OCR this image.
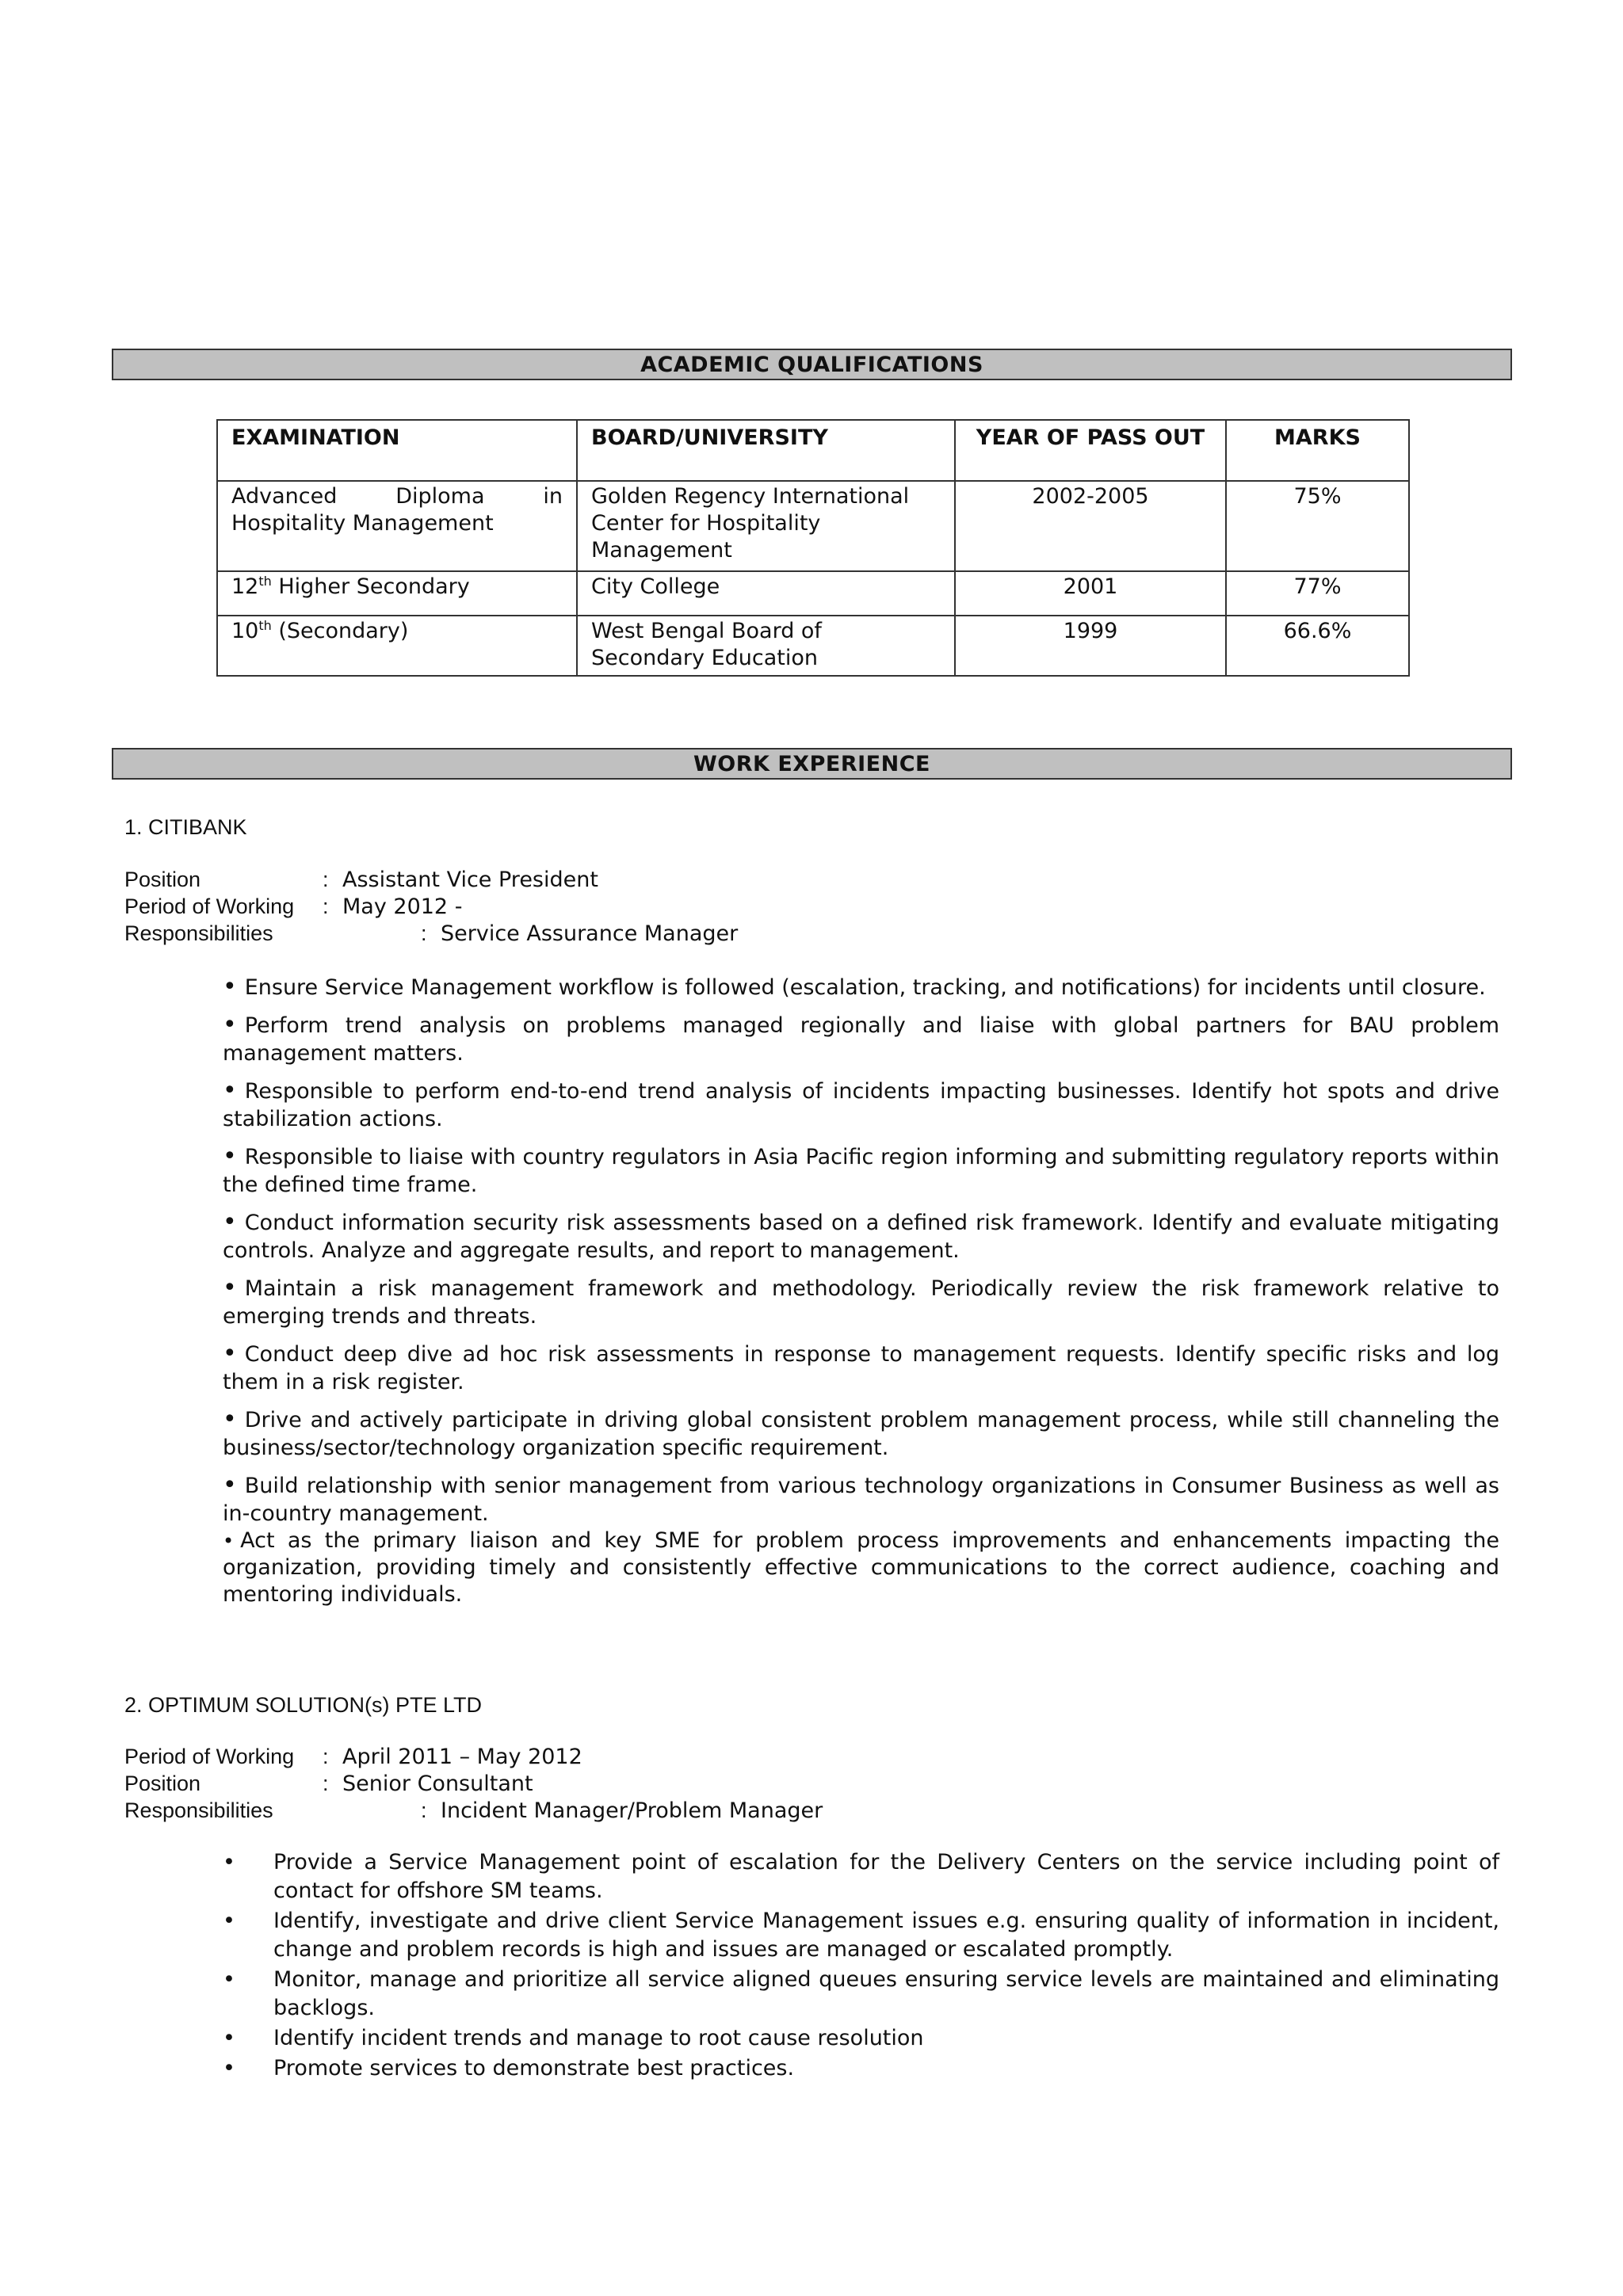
ACADEMIC QUALIFICATIONS
EXAMINATION	BOARD/UNIVERSITY	YEAR OF PASS OUT	MARKS

Advanced Diploma in
Hospitality Management	Golden Regency International Center for Hospitality Management	2002-2005	75%
12th Higher Secondary	City College	2001	77%
10th (Secondary)	West Bengal Board of Secondary Education	1999	66.6%
WORK EXPERIENCE
1. CITIBANK
Position	: Assistant Vice President
Period of Working : May 2012 -
Responsibilities	: Service Assurance Manager
• Ensure Service Management workflow is followed (escalation, tracking, and notifications) for incidents until closure.
• Perform trend analysis on problems managed regionally and liaise with global partners for BAU problem management matters.
• Responsible to perform end-to-end trend analysis of incidents impacting businesses. Identify hot spots and drive stabilization actions.
• Responsible to liaise with country regulators in Asia Pacific region informing and submitting regulatory reports within the defined time frame.
• Conduct information security risk assessments based on a defined risk framework. Identify and evaluate mitigating controls. Analyze and aggregate results, and report to management.
• Maintain a risk management framework and methodology. Periodically review the risk framework relative to emerging trends and threats.
• Conduct deep dive ad hoc risk assessments in response to management requests. Identify specific risks and log them in a risk register.
• Drive and actively participate in driving global consistent problem management process, while still channeling the business/sector/technology organization specific requirement.
• Build relationship with senior management from various technology organizations in Consumer Business as well as in-country management.
• Act as the primary liaison and key SME for problem process improvements and enhancements impacting the organization, providing timely and consistently effective communications to the correct audience, coaching and mentoring individuals.
2. OPTIMUM SOLUTION(s) PTE LTD
Period of Working : April 2011 – May 2012
Position	: Senior Consultant
Responsibilities	: Incident Manager/Problem Manager
• Provide a Service Management point of escalation for the Delivery Centers on the service including point of contact for offshore SM teams.
• Identify, investigate and drive client Service Management issues e.g. ensuring quality of information in incident, change and problem records is high and issues are managed or escalated promptly.
• Monitor, manage and prioritize all service aligned queues ensuring service levels are maintained and eliminating backlogs.
• Identify incident trends and manage to root cause resolution
• Promote services to demonstrate best practices.
